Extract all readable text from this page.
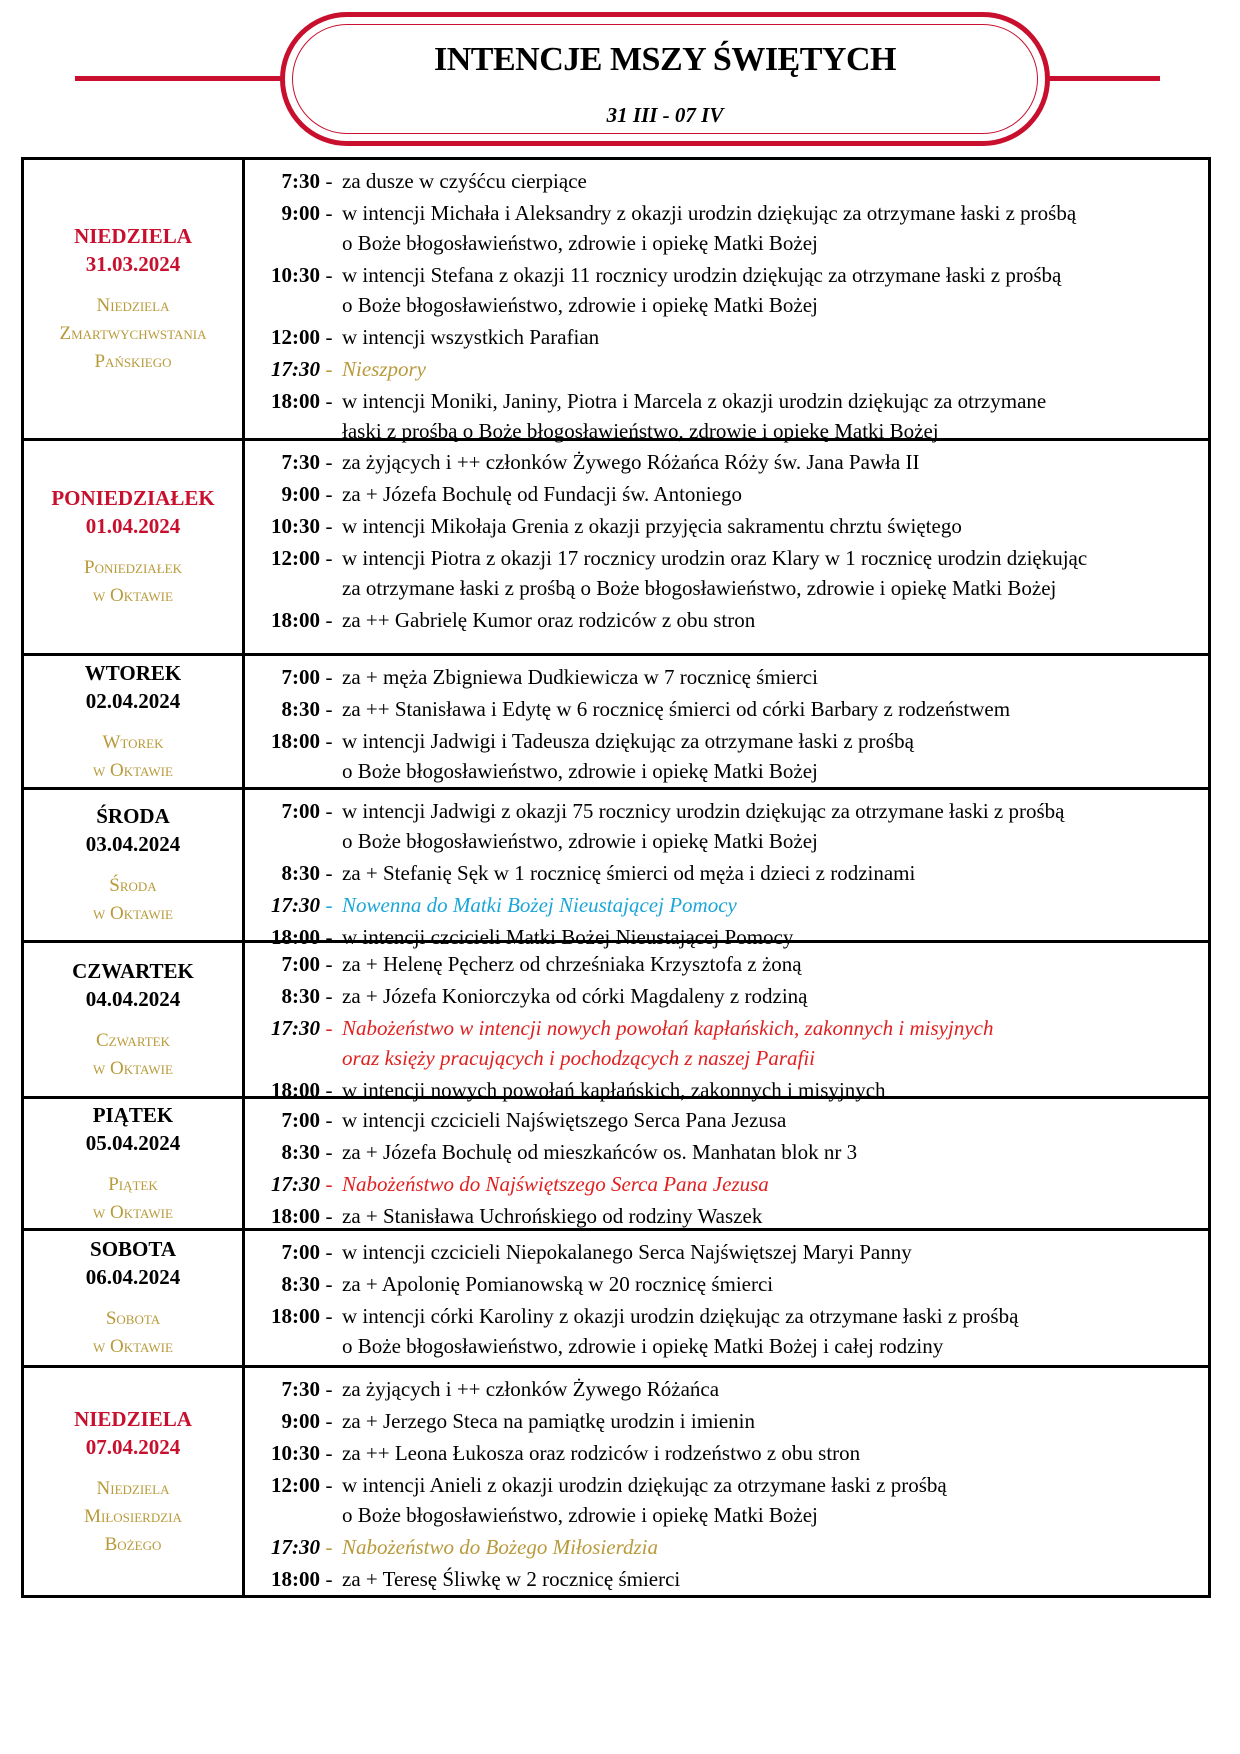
INTENCJE MSZY ŚWIĘTYCH
31 III - 07 IV
NIEDZIELA
31.03.2024
Niedziela
Zmartwychwstania
Pańskiego
7:30 - za dusze w czyśćcu cierpiące
9:00 - w intencji Michała i Aleksandry z okazji urodzin dziękując za otrzymane łaski z prośbą
o Boże błogosławieństwo, zdrowie i opiekę Matki Bożej
10:30 - w intencji Stefana z okazji 11 rocznicy urodzin dziękując za otrzymane łaski z prośbą
o Boże błogosławieństwo, zdrowie i opiekę Matki Bożej
12:00 - w intencji wszystkich Parafian
17:30 - Nieszpory
18:00 - w intencji Moniki, Janiny, Piotra i Marcela z okazji urodzin dziękując za otrzymane
łaski z prośbą o Boże błogosławieństwo, zdrowie i opiekę Matki Bożej
PONIEDZIAŁEK
01.04.2024
Poniedziałek
w Oktawie
7:30 - za żyjących i ++ członków Żywego Różańca Róży św. Jana Pawła II
9:00 - za + Józefa Bochulę od Fundacji św. Antoniego
10:30 - w intencji Mikołaja Grenia z okazji przyjęcia sakramentu chrztu świętego
12:00 - w intencji Piotra z okazji 17 rocznicy urodzin oraz Klary w 1 rocznicę urodzin dziękując
za otrzymane łaski z prośbą o Boże błogosławieństwo, zdrowie i opiekę Matki Bożej
18:00 - za ++ Gabrielę Kumor oraz rodziców z obu stron
WTOREK
02.04.2024
Wtorek
w Oktawie
7:00 - za + męża Zbigniewa Dudkiewicza w 7 rocznicę śmierci
8:30 - za ++ Stanisława i Edytę w 6 rocznicę śmierci od córki Barbary z rodzeństwem
18:00 - w intencji Jadwigi i Tadeusza dziękując za otrzymane łaski z prośbą
o Boże błogosławieństwo, zdrowie i opiekę Matki Bożej
ŚRODA
03.04.2024
Środa
w Oktawie
7:00 - w intencji Jadwigi z okazji 75 rocznicy urodzin dziękując za otrzymane łaski z prośbą
o Boże błogosławieństwo, zdrowie i opiekę Matki Bożej
8:30 - za + Stefanię Sęk w 1 rocznicę śmierci od męża i dzieci z rodzinami
17:30 - Nowenna do Matki Bożej Nieustającej Pomocy
18:00 - w intencji czcicieli Matki Bożej Nieustającej Pomocy
CZWARTEK
04.04.2024
Czwartek
w Oktawie
7:00 - za + Helenę Pęcherz od chrześniaka Krzysztofa z żoną
8:30 - za + Józefa Koniorczyka od córki Magdaleny z rodziną
17:30 - Nabożeństwo w intencji nowych powołań kapłańskich, zakonnych i misyjnych
oraz księży pracujących i pochodzących z naszej Parafii
18:00 - w intencji nowych powołań kapłańskich, zakonnych i misyjnych
PIĄTEK
05.04.2024
Piątek
w Oktawie
7:00 - w intencji czcicieli Najświętszego Serca Pana Jezusa
8:30 - za + Józefa Bochulę od mieszkańców os. Manhatan blok nr 3
17:30 - Nabożeństwo do Najświętszego Serca Pana Jezusa
18:00 - za + Stanisława Uchrońskiego od rodziny Waszek
SOBOTA
06.04.2024
Sobota
w Oktawie
7:00 - w intencji czcicieli Niepokalanego Serca Najświętszej Maryi Panny
8:30 - za + Apolonię Pomianowską w 20 rocznicę śmierci
18:00 - w intencji córki Karoliny z okazji urodzin dziękując za otrzymane łaski z prośbą
o Boże błogosławieństwo, zdrowie i opiekę Matki Bożej i całej rodziny
NIEDZIELA
07.04.2024
Niedziela
Miłosierdzia
Bożego
7:30 - za żyjących i ++ członków Żywego Różańca
9:00 - za + Jerzego Steca na pamiątkę urodzin i imienin
10:30 - za ++ Leona Łukosza oraz rodziców i rodzeństwo z obu stron
12:00 - w intencji Anieli z okazji urodzin dziękując za otrzymane łaski z prośbą
o Boże błogosławieństwo, zdrowie i opiekę Matki Bożej
17:30 - Nabożeństwo do Bożego Miłosierdzia
18:00 - za + Teresę Śliwkę w 2 rocznicę śmierci
